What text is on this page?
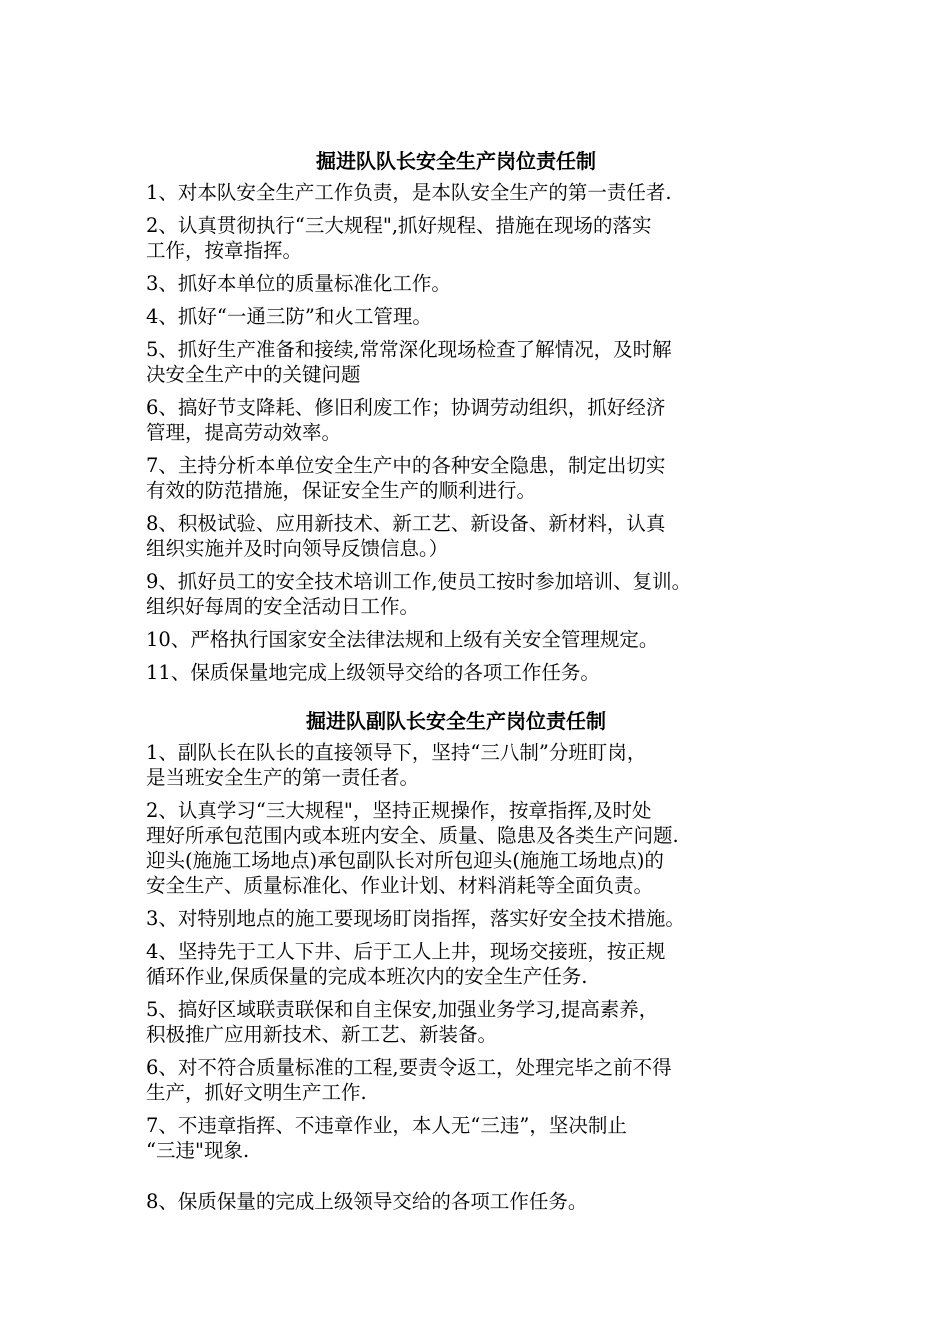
掘进队队长安全生产岗位责任制
1、对本队安全生产工作负责，是本队安全生产的第一责任者.
2、认真贯彻执行“三大规程",抓好规程、措施在现场的落实
工作，按章指挥。
3、抓好本单位的质量标准化工作。
4、抓好“一通三防”和火工管理。
5、抓好生产准备和接续,常常深化现场检查了解情况，及时解
决安全生产中的关键问题
6、搞好节支降耗、修旧利废工作；协调劳动组织，抓好经济
管理，提高劳动效率。
7、主持分析本单位安全生产中的各种安全隐患，制定出切实
有效的防范措施，保证安全生产的顺利进行。
8、积极试验、应用新技术、新工艺、新设备、新材料，认真
组织实施并及时向领导反馈信息。）
9、抓好员工的安全技术培训工作,使员工按时参加培训、复训。
组织好每周的安全活动日工作。
10、严格执行国家安全法律法规和上级有关安全管理规定。
11、保质保量地完成上级领导交给的各项工作任务。
掘进队副队长安全生产岗位责任制
1、副队长在队长的直接领导下，坚持“三八制”分班盯岗，
是当班安全生产的第一责任者。
2、认真学习“三大规程"，坚持正规操作，按章指挥,及时处
理好所承包范围内或本班内安全、质量、隐患及各类生产问题.
迎头(施施工场地点)承包副队长对所包迎头(施施工场地点)的
安全生产、质量标准化、作业计划、材料消耗等全面负责。
3、对特别地点的施工要现场盯岗指挥，落实好安全技术措施。
4、坚持先于工人下井、后于工人上井，现场交接班，按正规
循环作业,保质保量的完成本班次内的安全生产任务.
5、搞好区域联责联保和自主保安,加强业务学习,提高素养，
积极推广应用新技术、新工艺、新装备。
6、对不符合质量标准的工程,要责令返工，处理完毕之前不得
生产，抓好文明生产工作.
7、不违章指挥、不违章作业，本人无“三违”，坚决制止
“三违"现象.
8、保质保量的完成上级领导交给的各项工作任务。
